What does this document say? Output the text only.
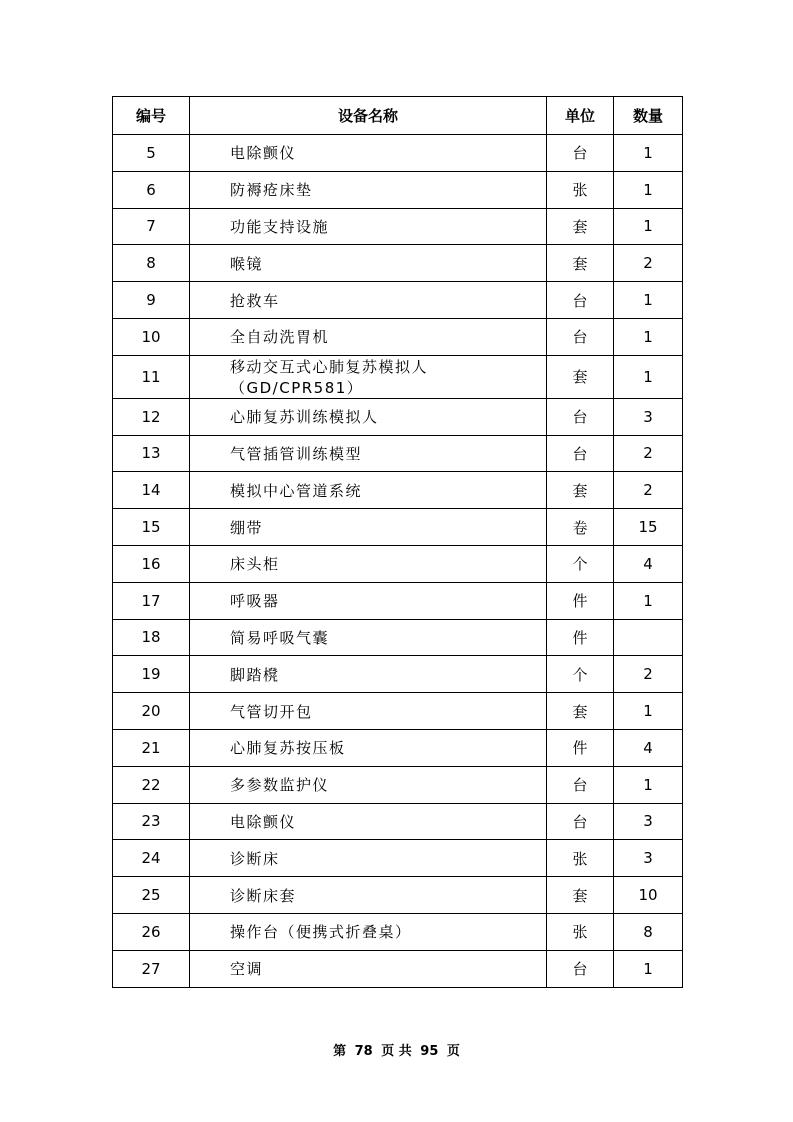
编号	设备名称	单位	数量
5	电除颤仪	台	1
6	防褥疮床垫	张	1
7	功能支持设施	套	1
8	喉镜	套	2
9	抢救车	台	1
10	全自动洗胃机	台	1
11	移动交互式心肺复苏模拟人（GD/CPR581）	套	1
12	心肺复苏训练模拟人	台	3
13	气管插管训练模型	台	2
14	模拟中心管道系统	套	2
15	绷带	卷	15
16	床头柜	个	4
17	呼吸器	件	1
18	简易呼吸气囊	件	
19	脚踏櫈	个	2
20	气管切开包	套	1
21	心肺复苏按压板	件	4
22	多参数监护仪	台	1
23	电除颤仪	台	3
24	诊断床	张	3
25	诊断床套	套	10
26	操作台（便携式折叠桌）	张	8
27	空调	台	1
第 78 页 共 95 页
